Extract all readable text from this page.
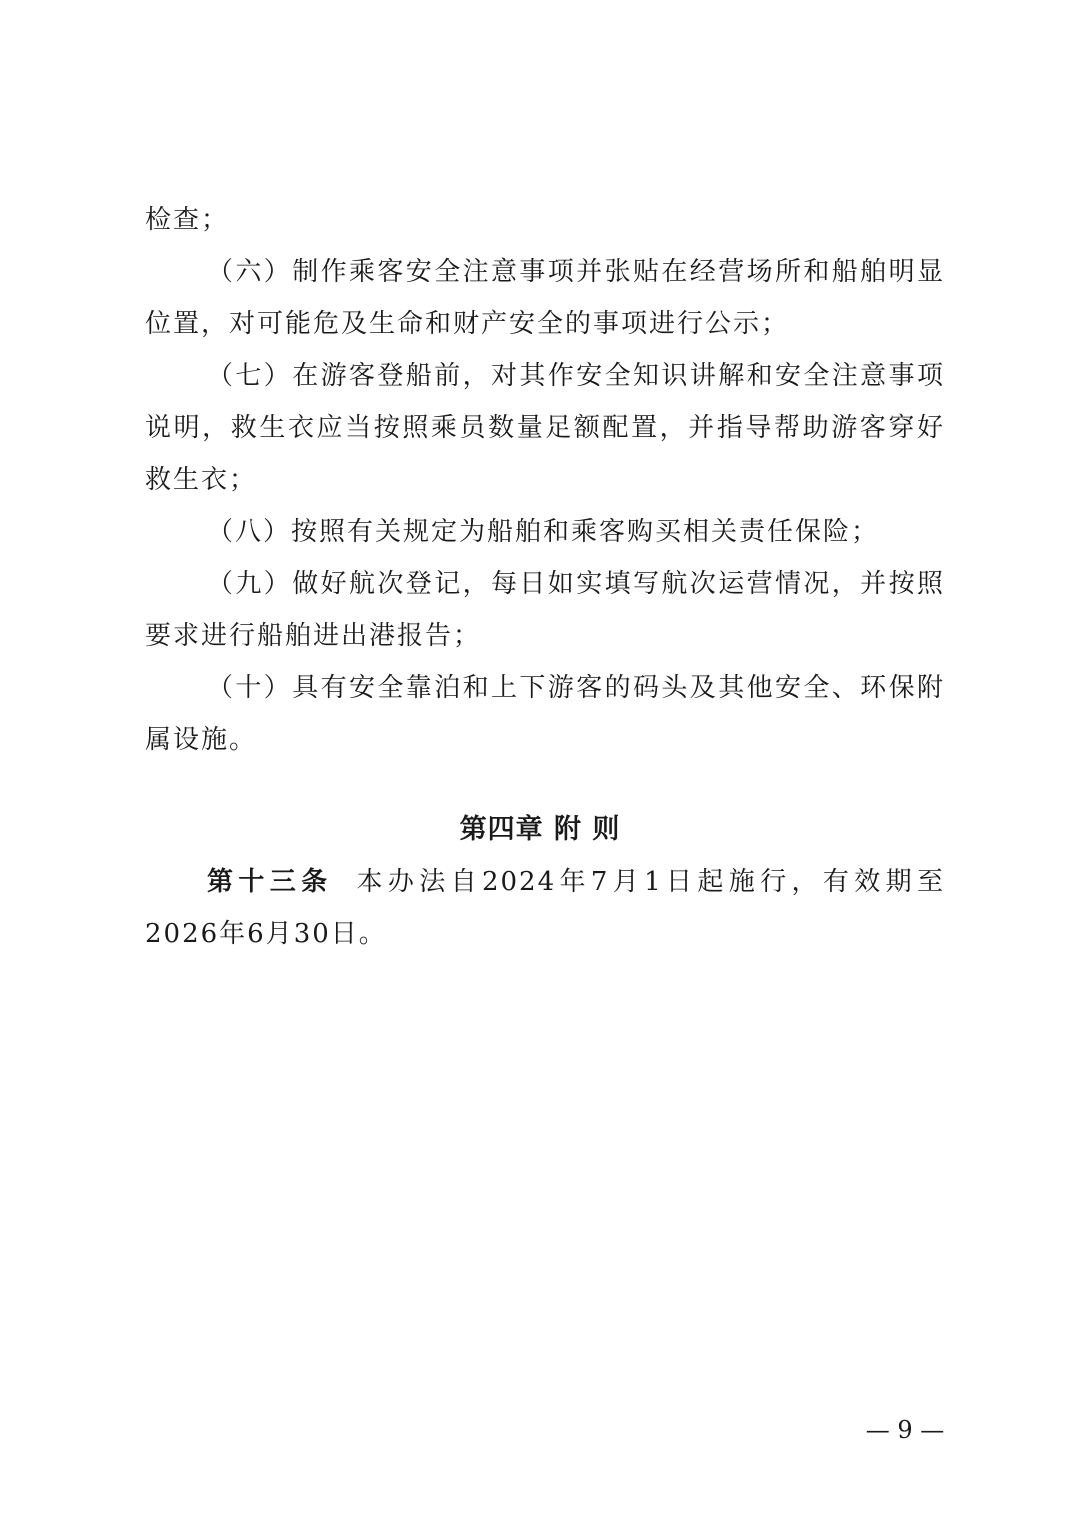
检查；

（六）制作乘客安全注意事项并张贴在经营场所和船舶明显位置，对可能危及生命和财产安全的事项进行公示；

（七）在游客登船前，对其作安全知识讲解和安全注意事项说明，救生衣应当按照乘员数量足额配置，并指导帮助游客穿好救生衣；

（八）按照有关规定为船舶和乘客购买相关责任保险；

（九）做好航次登记，每日如实填写航次运营情况，并按照要求进行船舶进出港报告；

（十）具有安全靠泊和上下游客的码头及其他安全、环保附属设施。

第四章 附 则

第十三条 本办法自2024年7月1日起施行，有效期至2026年6月30日。

— 9 —
